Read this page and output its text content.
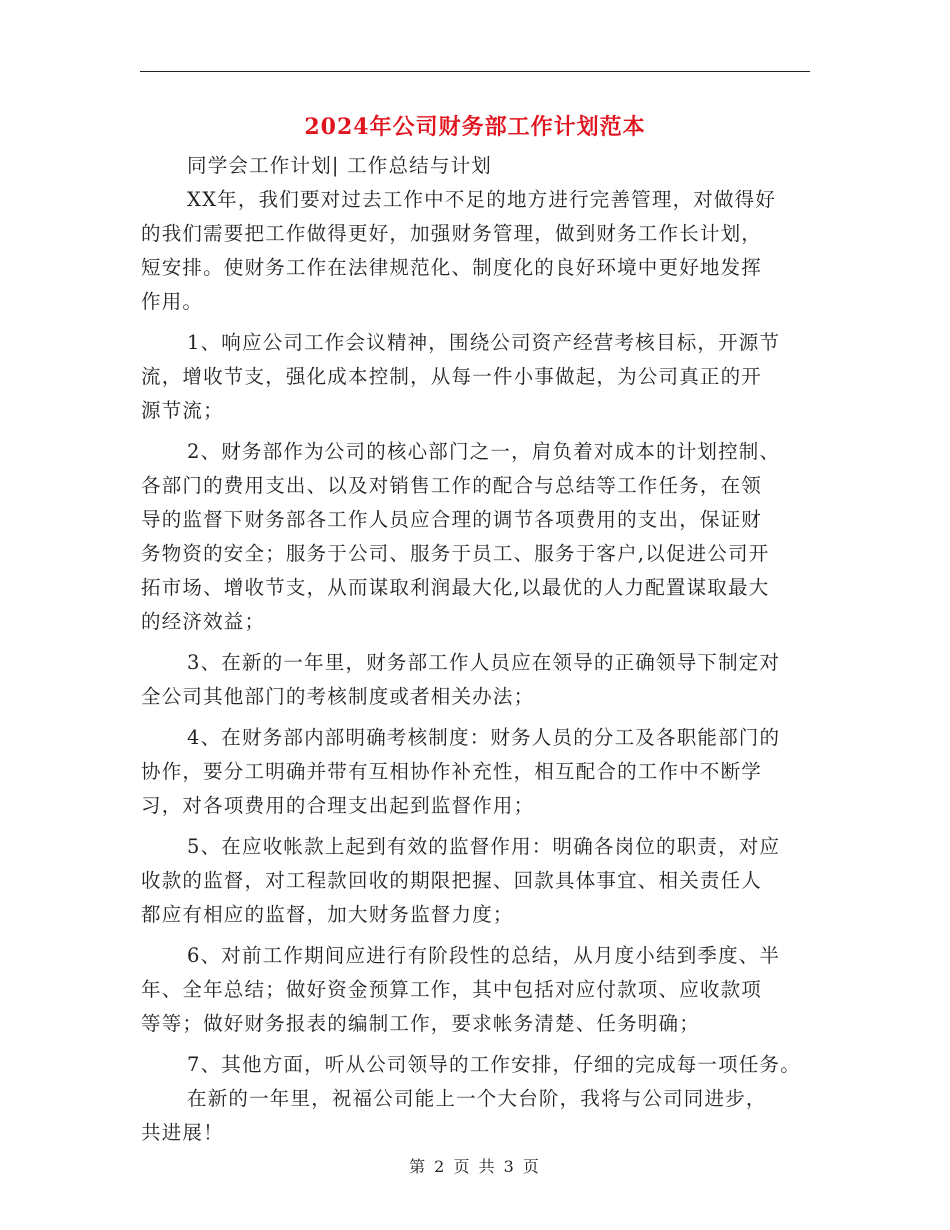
2024年公司财务部工作计划范本
同学会工作计划| 工作总结与计划
XX年，我们要对过去工作中不足的地方进行完善管理，对做得好
的我们需要把工作做得更好，加强财务管理，做到财务工作长计划，
短安排。使财务工作在法律规范化、制度化的良好环境中更好地发挥
作用。
1、响应公司工作会议精神，围绕公司资产经营考核目标，开源节
流，增收节支，强化成本控制，从每一件小事做起，为公司真正的开
源节流；
2、财务部作为公司的核心部门之一，肩负着对成本的计划控制、
各部门的费用支出、以及对销售工作的配合与总结等工作任务，在领
导的监督下财务部各工作人员应合理的调节各项费用的支出，保证财
务物资的安全；服务于公司、服务于员工、服务于客户,以促进公司开
拓市场、增收节支，从而谋取利润最大化,以最优的人力配置谋取最大
的经济效益；
3、在新的一年里，财务部工作人员应在领导的正确领导下制定对
全公司其他部门的考核制度或者相关办法；
4、在财务部内部明确考核制度：财务人员的分工及各职能部门的
协作，要分工明确并带有互相协作补充性，相互配合的工作中不断学
习，对各项费用的合理支出起到监督作用；
5、在应收帐款上起到有效的监督作用：明确各岗位的职责，对应
收款的监督，对工程款回收的期限把握、回款具体事宜、相关责任人
都应有相应的监督，加大财务监督力度；
6、对前工作期间应进行有阶段性的总结，从月度小结到季度、半
年、全年总结；做好资金预算工作，其中包括对应付款项、应收款项
等等；做好财务报表的编制工作，要求帐务清楚、任务明确；
7、其他方面，听从公司领导的工作安排，仔细的完成每一项任务。
在新的一年里，祝福公司能上一个大台阶，我将与公司同进步，
共进展！
第 2 页 共 3 页
